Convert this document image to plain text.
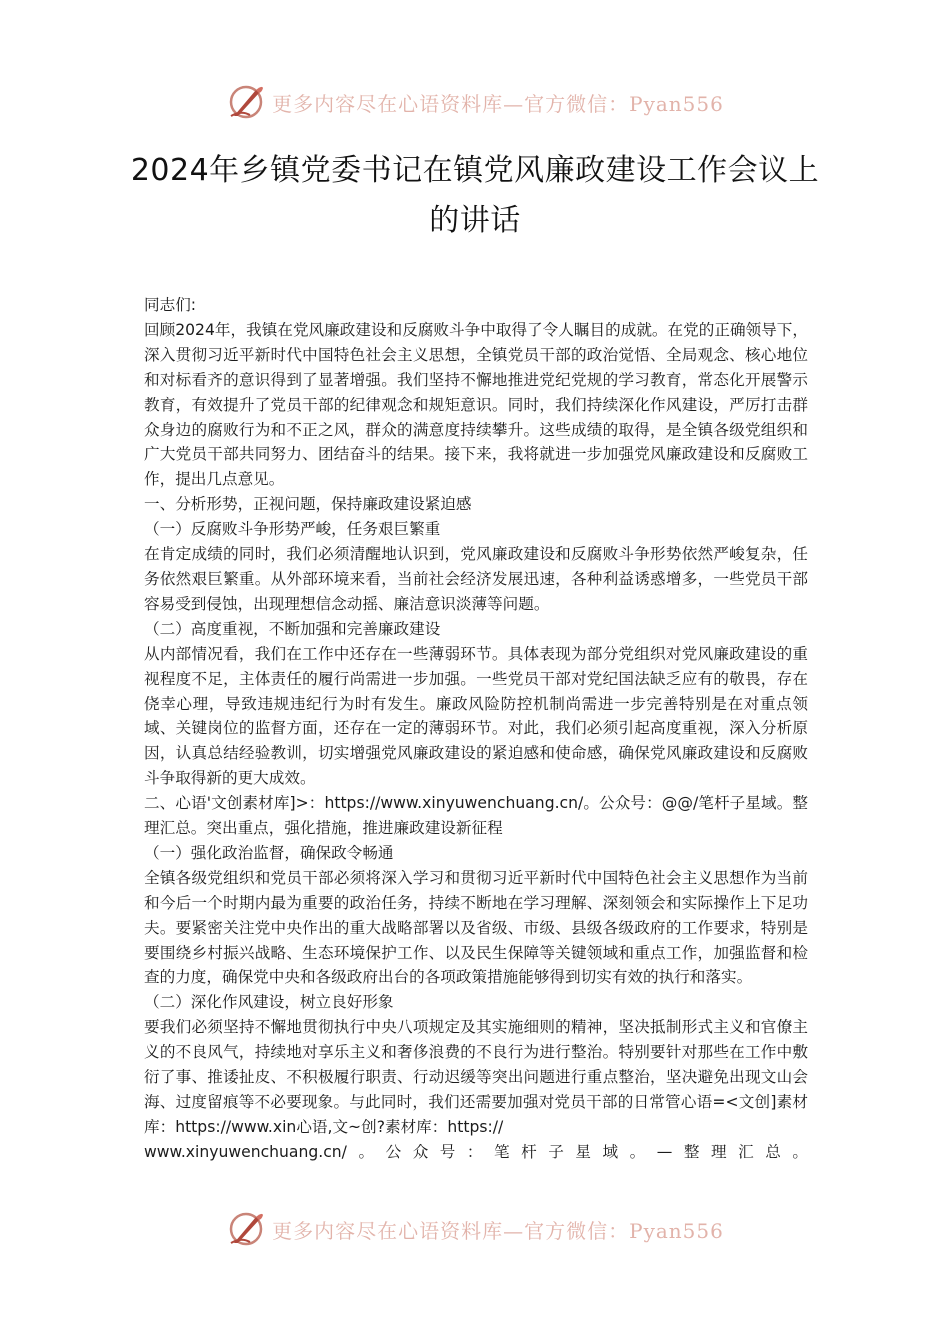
更多内容尽在心语资料库—官方微信：Pyan556
2024年乡镇党委书记在镇党风廉政建设工作会议上的讲话

同志们:

回顾2024年，我镇在党风廉政建设和反腐败斗争中取得了令人瞩目的成就。在党的正确领导下，深入贯彻习近平新时代中国特色社会主义思想，全镇党员干部的政治觉悟、全局观念、核心地位和对标看齐的意识得到了显著增强。我们坚持不懈地推进党纪党规的学习教育，常态化开展警示教育，有效提升了党员干部的纪律观念和规矩意识。同时，我们持续深化作风建设，严厉打击群众身边的腐败行为和不正之风，群众的满意度持续攀升。这些成绩的取得，是全镇各级党组织和广大党员干部共同努力、团结奋斗的结果。接下来，我将就进一步加强党风廉政建设和反腐败工作，提出几点意见。

一、分析形势，正视问题，保持廉政建设紧迫感

（一）反腐败斗争形势严峻，任务艰巨繁重

在肯定成绩的同时，我们必须清醒地认识到，党风廉政建设和反腐败斗争形势依然严峻复杂，任务依然艰巨繁重。从外部环境来看，当前社会经济发展迅速，各种利益诱惑增多，一些党员干部容易受到侵蚀，出现理想信念动摇、廉洁意识淡薄等问题。

（二）高度重视，不断加强和完善廉政建设

从内部情况看，我们在工作中还存在一些薄弱环节。具体表现为部分党组织对党风廉政建设的重视程度不足，主体责任的履行尚需进一步加强。一些党员干部对党纪国法缺乏应有的敬畏，存在侥幸心理，导致违规违纪行为时有发生。廉政风险防控机制尚需进一步完善特别是在对重点领域、关键岗位的监督方面，还存在一定的薄弱环节。对此，我们必须引起高度重视，深入分析原因，认真总结经验教训，切实增强党风廉政建设的紧迫感和使命感，确保党风廉政建设和反腐败斗争取得新的更大成效。

二、心语'文创素材库]>：https://www.xinyuwenchuang.cn/。公众号：@@/笔杆子星域。整理汇总。突出重点，强化措施，推进廉政建设新征程

（一）强化政治监督，确保政令畅通

全镇各级党组织和党员干部必须将深入学习和贯彻习近平新时代中国特色社会主义思想作为当前和今后一个时期内最为重要的政治任务，持续不断地在学习理解、深刻领会和实际操作上下足功夫。要紧密关注党中央作出的重大战略部署以及省级、市级、县级各级政府的工作要求，特别是要围绕乡村振兴战略、生态环境保护工作、以及民生保障等关键领域和重点工作，加强监督和检查的力度，确保党中央和各级政府出台的各项政策措施能够得到切实有效的执行和落实。

（二）深化作风建设，树立良好形象

要我们必须坚持不懈地贯彻执行中央八项规定及其实施细则的精神，坚决抵制形式主义和官僚主义的不良风气，持续地对享乐主义和奢侈浪费的不良行为进行整治。特别要针对那些在工作中敷衍了事、推诿扯皮、不积极履行职责、行动迟缓等突出问题进行重点整治，坚决避免出现文山会海、过度留痕等不必要现象。与此同时，我们还需要加强对党员干部的日常管心语=<文创]素材库：https://www.xin心语,文~创?素材库：https://

www.xinyuwenchuang.cn/。公众号：笔杆子星域。—整理汇总。

更多内容尽在心语资料库—官方微信：Pyan556
